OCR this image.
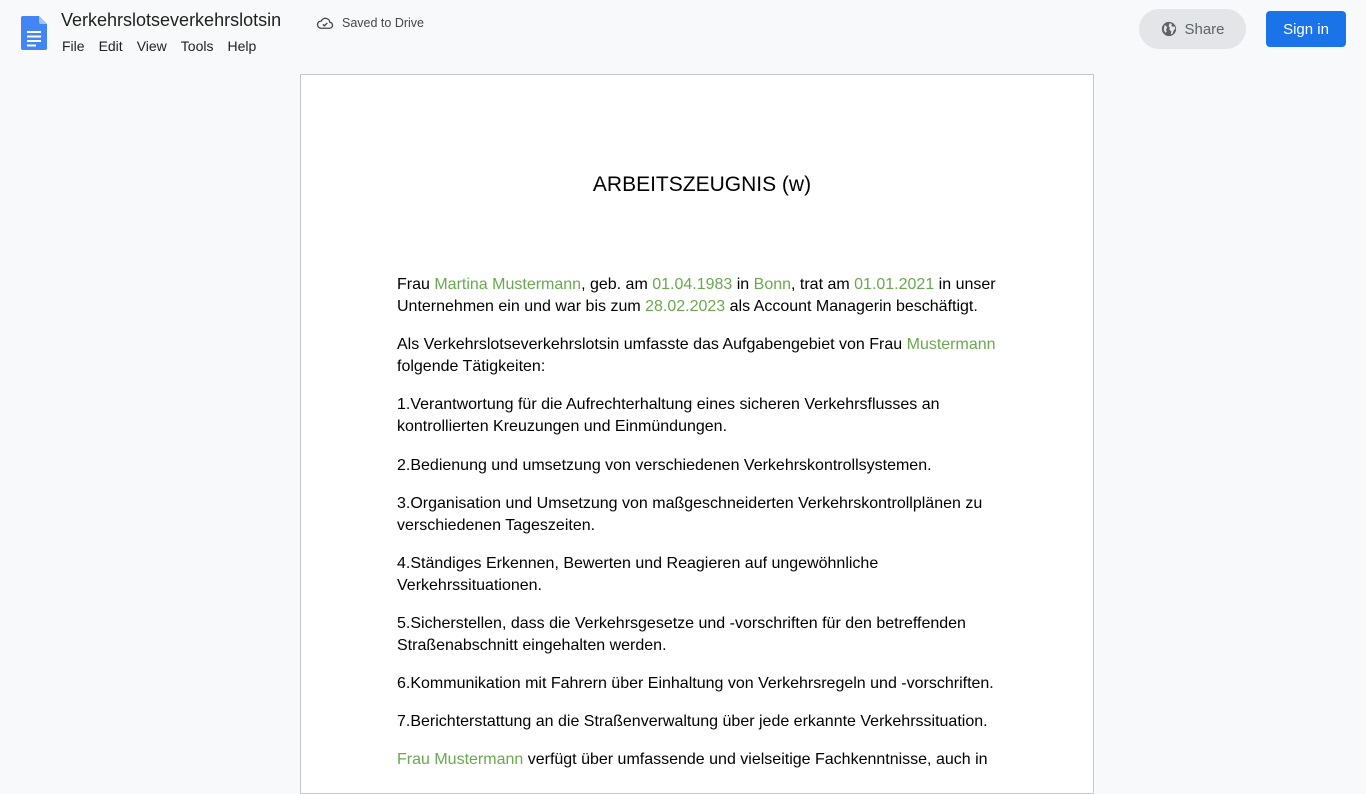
Verkehrslotseverkehrslotsin	Saved to Drive
File	Edit	View	Tools	Help
Share	Sign in
ARBEITSZEUGNIS (w)

Frau Martina Mustermann, geb. am 01.04.1983 in Bonn, trat am 01.01.2021 in unser Unternehmen ein und war bis zum 28.02.2023 als Account Managerin beschäftigt.

Als Verkehrslotseverkehrslotsin umfasste das Aufgabengebiet von Frau Mustermann folgende Tätigkeiten:

1.Verantwortung für die Aufrechterhaltung eines sicheren Verkehrsflusses an kontrollierten Kreuzungen und Einmündungen.

2.Bedienung und umsetzung von verschiedenen Verkehrskontrollsystemen.

3.Organisation und Umsetzung von maßgeschneiderten Verkehrskontrollplänen zu verschiedenen Tageszeiten.

4.Ständiges Erkennen, Bewerten und Reagieren auf ungewöhnliche Verkehrssituationen.

5.Sicherstellen, dass die Verkehrsgesetze und -vorschriften für den betreffenden Straßenabschnitt eingehalten werden.

6.Kommunikation mit Fahrern über Einhaltung von Verkehrsregeln und -vorschriften.

7.Berichterstattung an die Straßenverwaltung über jede erkannte Verkehrssituation.

Frau Mustermann verfügt über umfassende und vielseitige Fachkenntnisse, auch in
